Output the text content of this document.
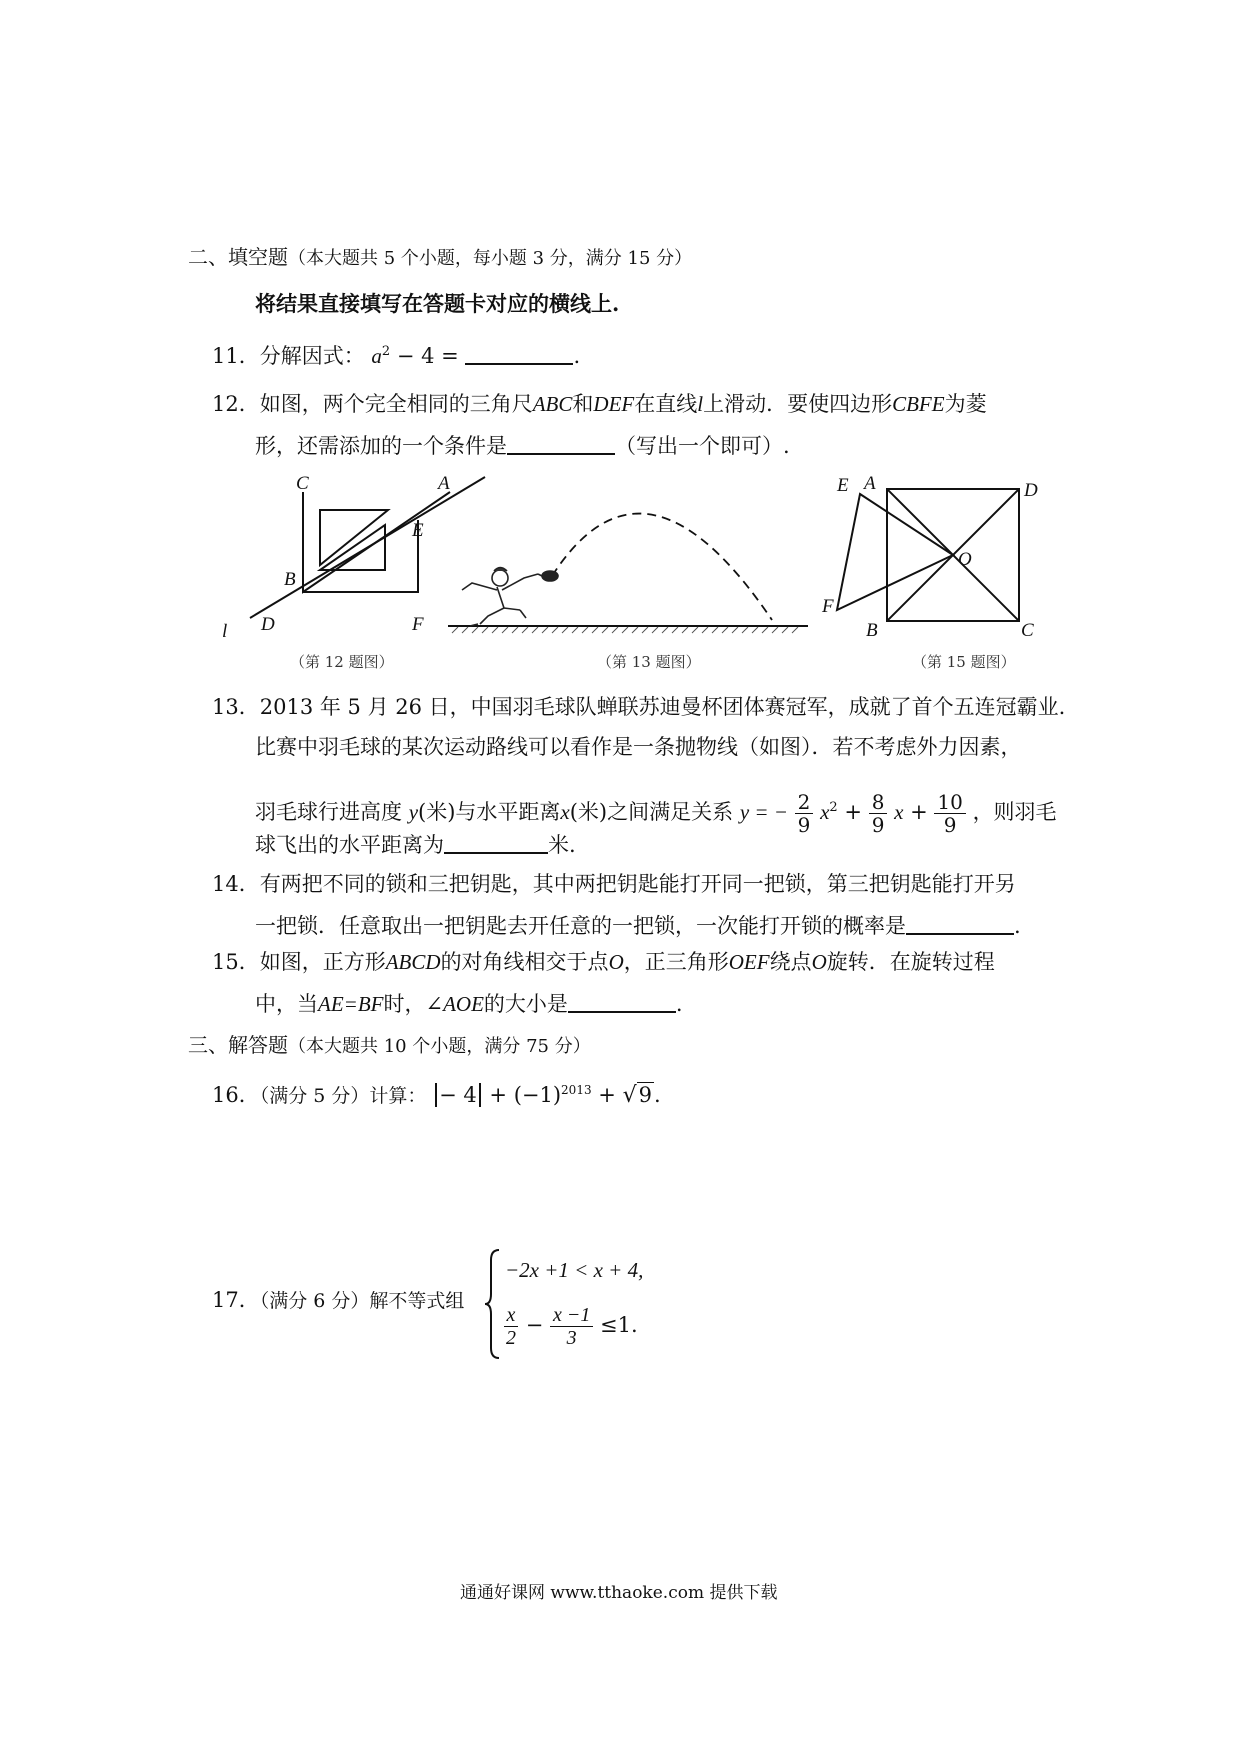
二、填空题（本大题共 5 个小题，每小题 3 分，满分 15 分）
将结果直接填写在答题卡对应的横线上.
11．分解因式： $a^2 - 4$ =	.
12．如图，两个完全相同的三角尺ABC和DEF在直线l上滑动．要使四边形CBFE为菱
形，还需添加的一个条件是	（写出一个即可）.
C	A
E
B
D	F
l
E A	D
O
F
B	C
（第 12 题图）	（第 13 题图）	（第 15 题图）
13．2013 年 5 月 26 日，中国羽毛球队蝉联苏迪曼杯团体赛冠军，成就了首个五连冠霸业.
比赛中羽毛球的某次运动路线可以看作是一条抛物线（如图）．若不考虑外力因素，
羽毛球行进高度 y(米)与水平距离x(米)之间满足关系 y = − $\frac{2}{9} x^2 + \frac{8}{9}$ $x + \frac{10}{9}$ ，则羽毛
球飞出的水平距离为	米.
14．有两把不同的锁和三把钥匙，其中两把钥匙能打开同一把锁，第三把钥匙能打开另
一把锁．任意取出一把钥匙去开任意的一把锁，一次能打开锁的概率是	.
15．如图，正方形ABCD的对角线相交于点O，正三角形OEF绕点O旋转．在旋转过程
中，当AE=BF时，∠AOE的大小是	.
三、解答题（本大题共 10 个小题，满分 75 分）
16．（满分 5 分）计算： − $4 + (-1)^{2013} + √9$.
17．（满分 6 分）解不等式组
−2x +1 < x + 4,
$\frac{x}{2} - \frac{x -1}{3} \le 1$.
通通好课网 www.tthaoke.com 提供下载
